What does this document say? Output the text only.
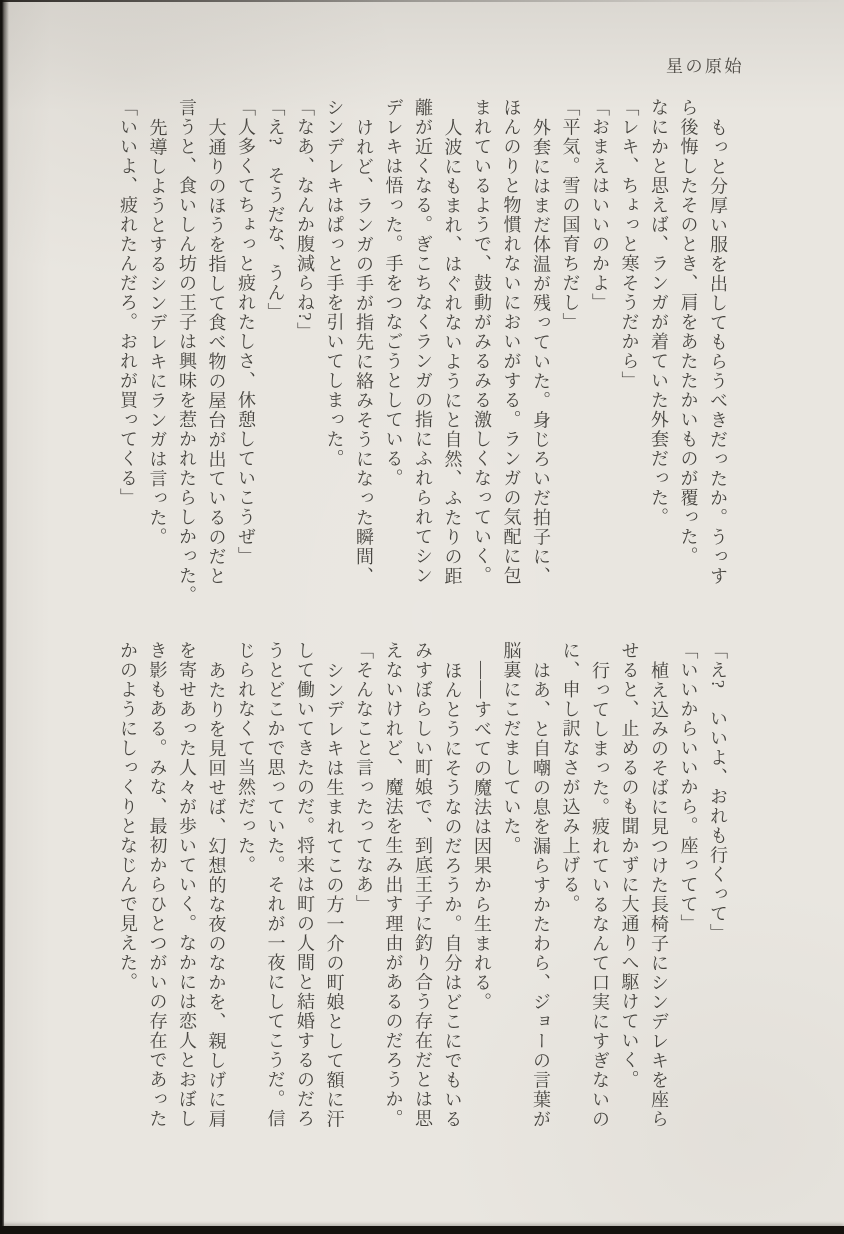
星の原始

もっと分厚い服を出してもらうべきだったか。うっす

ら後悔したそのとき、肩をあたたかいものが覆った。

なにかと思えば、ランガが着ていた外套だった。

「レキ、ちょっと寒そうだから」

「おまえはいいのかよ」

「平気。雪の国育ちだし」

外套にはまだ体温が残っていた。身じろいだ拍子に、

ほんのりと物慣れないにおいがする。ランガの気配に包

まれているようで、鼓動がみるみる激しくなっていく。

人波にもまれ、はぐれないようにと自然、ふたりの距

離が近くなる。ぎこちなくランガの指にふれられてシン

デレキは悟った。手をつなごうとしている。

けれど、ランガの手が指先に絡みそうになった瞬間、

シンデレキはぱっと手を引いてしまった。

「なあ、なんか腹減らね?」

「え?　そうだな、うん」

「人多くてちょっと疲れたしさ、休憩していこうぜ」

大通りのほうを指して食べ物の屋台が出ているのだと

言うと、食いしん坊の王子は興味を惹かれたらしかった。

先導しようとするシンデレキにランガは言った。

「いいよ、疲れたんだろ。おれが買ってくる」

「え?　いいよ、おれも行くって」

「いいからいいから。座ってて」

植え込みのそばに見つけた長椅子にシンデレキを座ら

せると、止めるのも聞かずに大通りへ駆けていく。

行ってしまった。疲れているなんて口実にすぎないの

に、申し訳なさが込み上げる。

はあ、と自嘲の息を漏らすかたわら、ジョーの言葉が

脳裏にこだましていた。

――すべての魔法は因果から生まれる。

ほんとうにそうなのだろうか。自分はどこにでもいる

みすぼらしい町娘で、到底王子に釣り合う存在だとは思

えないけれど、魔法を生み出す理由があるのだろうか。

「そんなこと言ったってなあ」

シンデレキは生まれてこの方一介の町娘として額に汗

して働いてきたのだ。将来は町の人間と結婚するのだろ

うとどこかで思っていた。それが一夜にしてこうだ。信

じられなくて当然だった。

あたりを見回せば、幻想的な夜のなかを、親しげに肩

を寄せあった人々が歩いていく。なかには恋人とおぼし

き影もある。みな、最初からひとつがいの存在であった

かのようにしっくりとなじんで見えた。
